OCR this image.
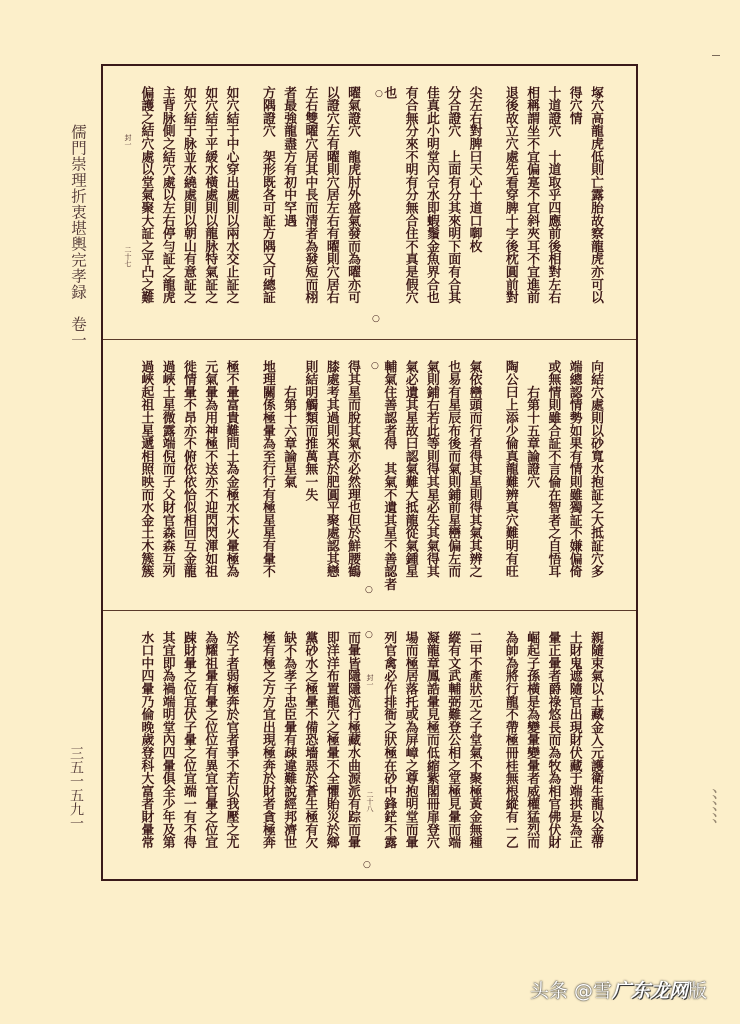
儒門崇理折衷堪輿完孝録　卷一
三五一五九一	﹅﹅﹅﹅﹅﹅
塚穴高龍虎低則亡露胎故察龍虎亦可以
得穴情
十道證穴　十道取乎四應前後相對左右
相稱謂坐不宜偏寔不宜斜夾耳不宜進前
退後故立穴處先看穿脾十字後枕圓前對
尖左右對脾曰天心十道口啣枚
分合證穴　上面有分其來明下面有合其
佳真此小明堂內合水即蝦鬚金魚界合也
有合無分來不明有分無合住不真是假穴
也
曜氣證穴　龍虎肘外盛氣發而為曜亦可
以證穴左有曜則穴居左右有曜則穴居右
左右雙曜穴居其中長而清者為發短而栩
者最強龍盡方有初中罕遇
方隅證穴　架形既各可証方隅又可總証
如穴結于中心穿出處則以兩水交止証之
如穴結于平緩水橫處則以龍脉特氣証之
如穴結于脉並水繞處則以朝山有意証之
主背脉側之結穴處以左右停勻証之龍虎
偏護之結穴處以堂氣聚大証之平凸之難
封一
二十七
○
○
向結穴處則以砂寬水抱証之大抵証穴多
端總認情勢如果有情則雖獨証不嫌偏倚
或無情則雖合証不言倫在智者之自悟耳
　　右第十五章論證穴
陶公曰上添少倫真龍難辨真穴難明有旺
氣依巒頭而行者得其星則得其氣其辨之
也易有星辰布後而氣則鋪前星巒偏左而
氣則鋪右若此等則得其星必失其氣得其
氣必遺其星故曰認氣難大抵龍從氣鍾星
輔氣住善認者得　其氣不遺其星不善認者
得其星而脫其氣亦必然理也但於鮮腰鶴
膝處考其過則來真於肥圓平聚處認其戀
則結明觸類而推萬無一失
　　右第十六章論星氣
地理關係極暈為至行行有極星星有暈不
極不暈富貴難問土為金極水木火暈極為
元氣暈為用神極不送亦不迎閃閃渾如祖
徙情暈不昂亦不俯依依恰似相回互金龍
過峽土星微露端倪而子父財官森森互列
過峽起祖土星遞相照映而水金土木簇簇	○
○
親隨束氣以土藏金入元護衛生龍以金帶
土財鬼遮隨官出現財伏藏于端拱是為正
暈正暈者爵祿悠長而為牧為相官佛伏財
崛起子孫橫是為變暈變暈者威權猛烈而
為帥為將行龍不帶極冊桂無根縱有一乙
二甲不產狀元之子堂氣不聚極黃金無種
縱有文武輔弼難登公相之堂極見暈而端
凝龍章鳳誥暈見極而低縮紫閣冊扉登穴
場而極居落托或為屏嶂之尊抱明堂而暈
列官禽必作排衙之狀極在砂中鋒鋩不露
而暈皆隱隱流行極藏水曲源派有踪而暈
即洋洋布置龍穴之極暈不全懼貽災於鄉
黨砂水之極暈不備恐墻惡於蒼生極有欠
缺不為孝子忠臣暈有疎違難說經邦濟世
極有極之方方宜出現極奔於財者貪極奔
於子者弱極奔於官者爭不若以我壓之尤
為耀祖暈有暈之位位有異宜官暈之位宜
踈財暈之位宜伏子暈之位宜端一有不得
其宜即為禍端明堂內四暈俱全少年及第
水口中四暈乃倫晚歲登科大富者財暈常	封一
二十八
○
○
头条 @雪广东龙网版
